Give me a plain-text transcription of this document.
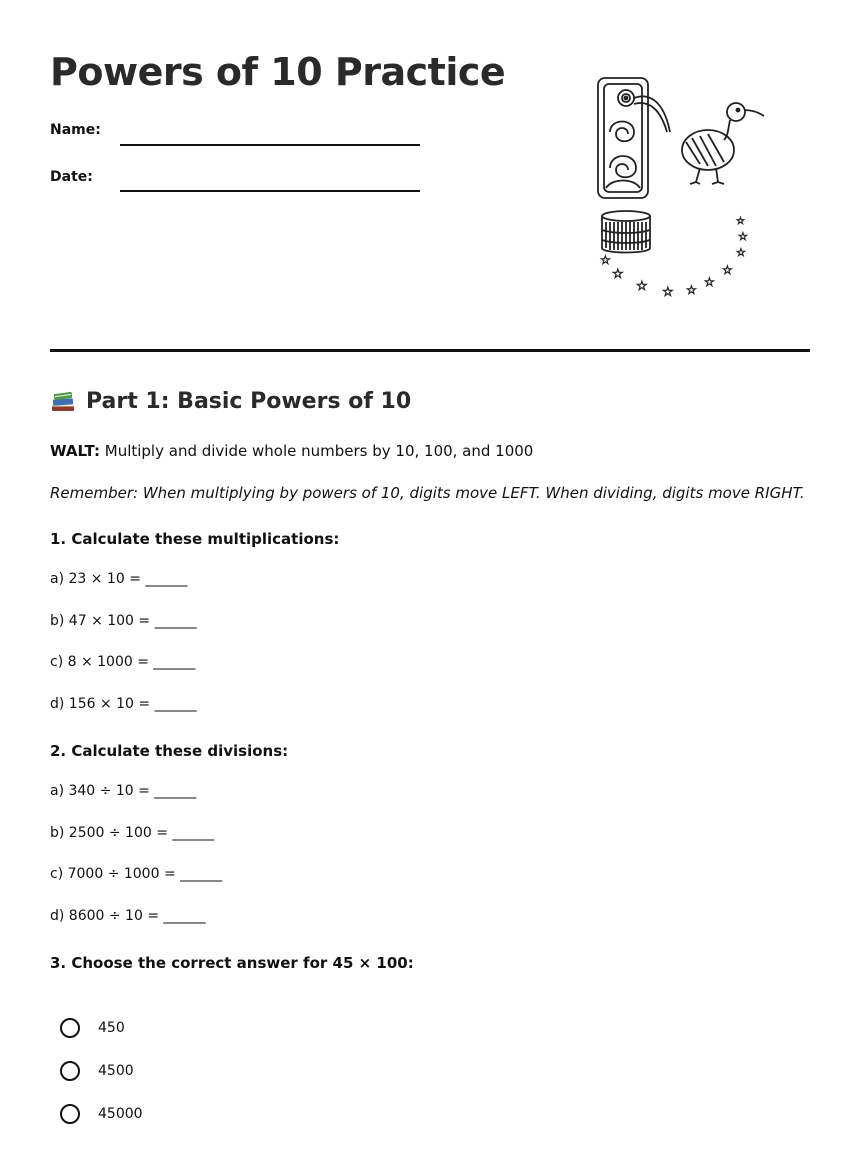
Powers of 10 Practice
Name:
Date:
☆
☆
☆ ☆ ☆
☆
☆
☆
☆
☆
Part 1: Basic Powers of 10
WALT: Multiply and divide whole numbers by 10, 100, and 1000
Remember: When multiplying by powers of 10, digits move LEFT. When dividing, digits move RIGHT.
1. Calculate these multiplications:
a) 23 × 10 = ______
b) 47 × 100 = ______
c) 8 × 1000 = ______
d) 156 × 10 = ______
2. Calculate these divisions:
a) 340 ÷ 10 = ______
b) 2500 ÷ 100 = ______
c) 7000 ÷ 1000 = ______
d) 8600 ÷ 10 = ______
3. Choose the correct answer for 45 × 100:
450
4500
45000
